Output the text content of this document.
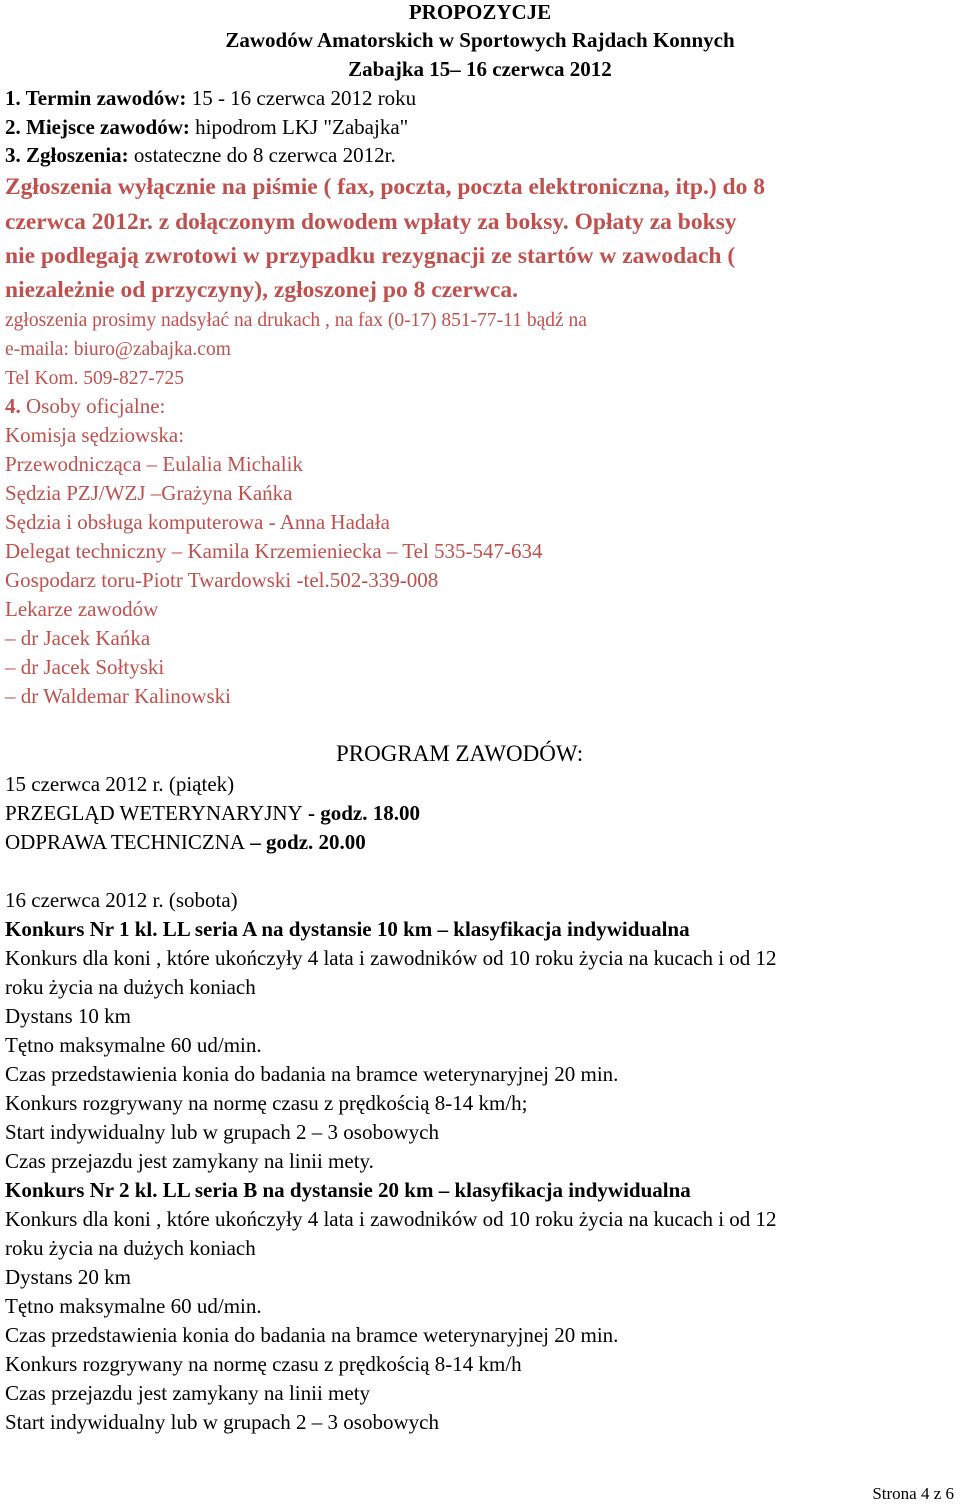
PROPOZYCJE
Zawodów Amatorskich w Sportowych Rajdach Konnych
Zabajka 15– 16 czerwca 2012
1. Termin zawodów: 15 - 16 czerwca 2012 roku
2. Miejsce zawodów: hipodrom LKJ "Zabajka"
3. Zgłoszenia: ostateczne do 8 czerwca 2012r.
Zgłoszenia wyłącznie na piśmie ( fax, poczta, poczta elektroniczna, itp.) do 8
czerwca 2012r. z dołączonym dowodem wpłaty za boksy. Opłaty za boksy
nie podlegają zwrotowi w przypadku rezygnacji ze startów w zawodach (
niezależnie od przyczyny), zgłoszonej po 8 czerwca.
zgłoszenia prosimy nadsyłać na drukach , na fax (0-17) 851-77-11 bądź na
e-maila: biuro@zabajka.com
Tel Kom. 509-827-725
4. Osoby oficjalne:
Komisja sędziowska:
Przewodnicząca – Eulalia Michalik
Sędzia PZJ/WZJ –Grażyna Kańka
Sędzia i obsługa komputerowa - Anna Hadała
Delegat techniczny – Kamila Krzemieniecka – Tel 535-547-634
Gospodarz toru-Piotr Twardowski -tel.502-339-008
Lekarze zawodów
– dr Jacek Kańka
– dr Jacek Sołtyski
– dr Waldemar Kalinowski
PROGRAM ZAWODÓW:
15 czerwca 2012 r. (piątek)
PRZEGLĄD WETERYNARYJNY - godz. 18.00
ODPRAWA TECHNICZNA – godz. 20.00
16 czerwca 2012 r. (sobota)
Konkurs Nr 1 kl. LL seria A na dystansie 10 km – klasyfikacja indywidualna
Konkurs dla koni , które ukończyły 4 lata i zawodników od 10 roku życia na kucach i od 12
roku życia na dużych koniach
Dystans 10 km
Tętno maksymalne 60 ud/min.
Czas przedstawienia konia do badania na bramce weterynaryjnej 20 min.
Konkurs rozgrywany na normę czasu z prędkością 8-14 km/h;
Start indywidualny lub w grupach 2 – 3 osobowych
Czas przejazdu jest zamykany na linii mety.
Konkurs Nr 2 kl. LL seria B na dystansie 20 km – klasyfikacja indywidualna
Konkurs dla koni , które ukończyły 4 lata i zawodników od 10 roku życia na kucach i od 12
roku życia na dużych koniach
Dystans 20 km
Tętno maksymalne 60 ud/min.
Czas przedstawienia konia do badania na bramce weterynaryjnej 20 min.
Konkurs rozgrywany na normę czasu z prędkością 8-14 km/h
Czas przejazdu jest zamykany na linii mety
Start indywidualny lub w grupach 2 – 3 osobowych
Strona 4 z 6
